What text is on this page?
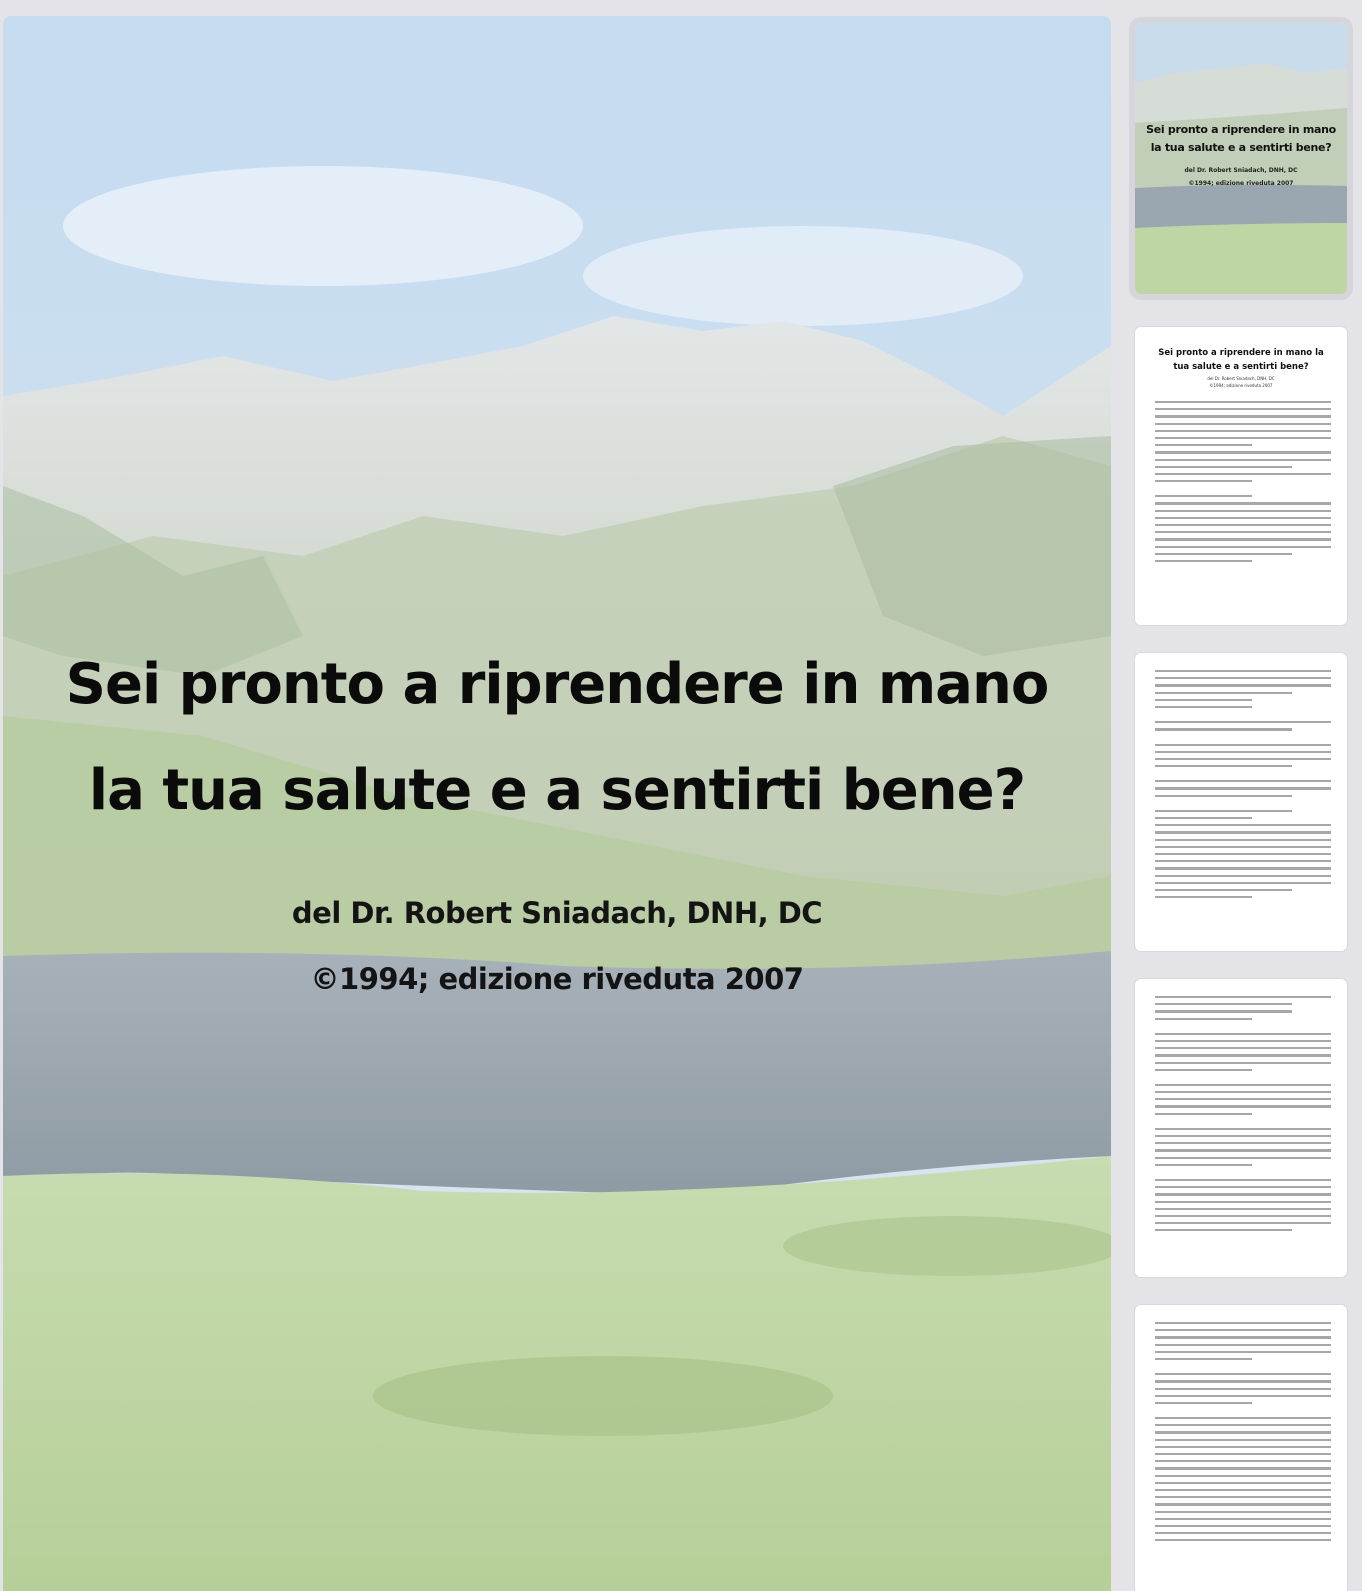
Sei pronto a riprendere in mano
la tua salute e a sentirti bene?
del Dr. Robert Sniadach, DNH, DC
©1994; edizione riveduta 2007
Sei pronto a riprendere in mano
la tua salute e a sentirti bene?
del Dr. Robert Sniadach, DNH, DC
©1994; edizione riveduta 2007
Sei pronto a riprendere in mano la tua salute e a sentirti bene?
del Dr. Robert Sniadach, DNH, DC
©1994; edizione riveduta 2007
